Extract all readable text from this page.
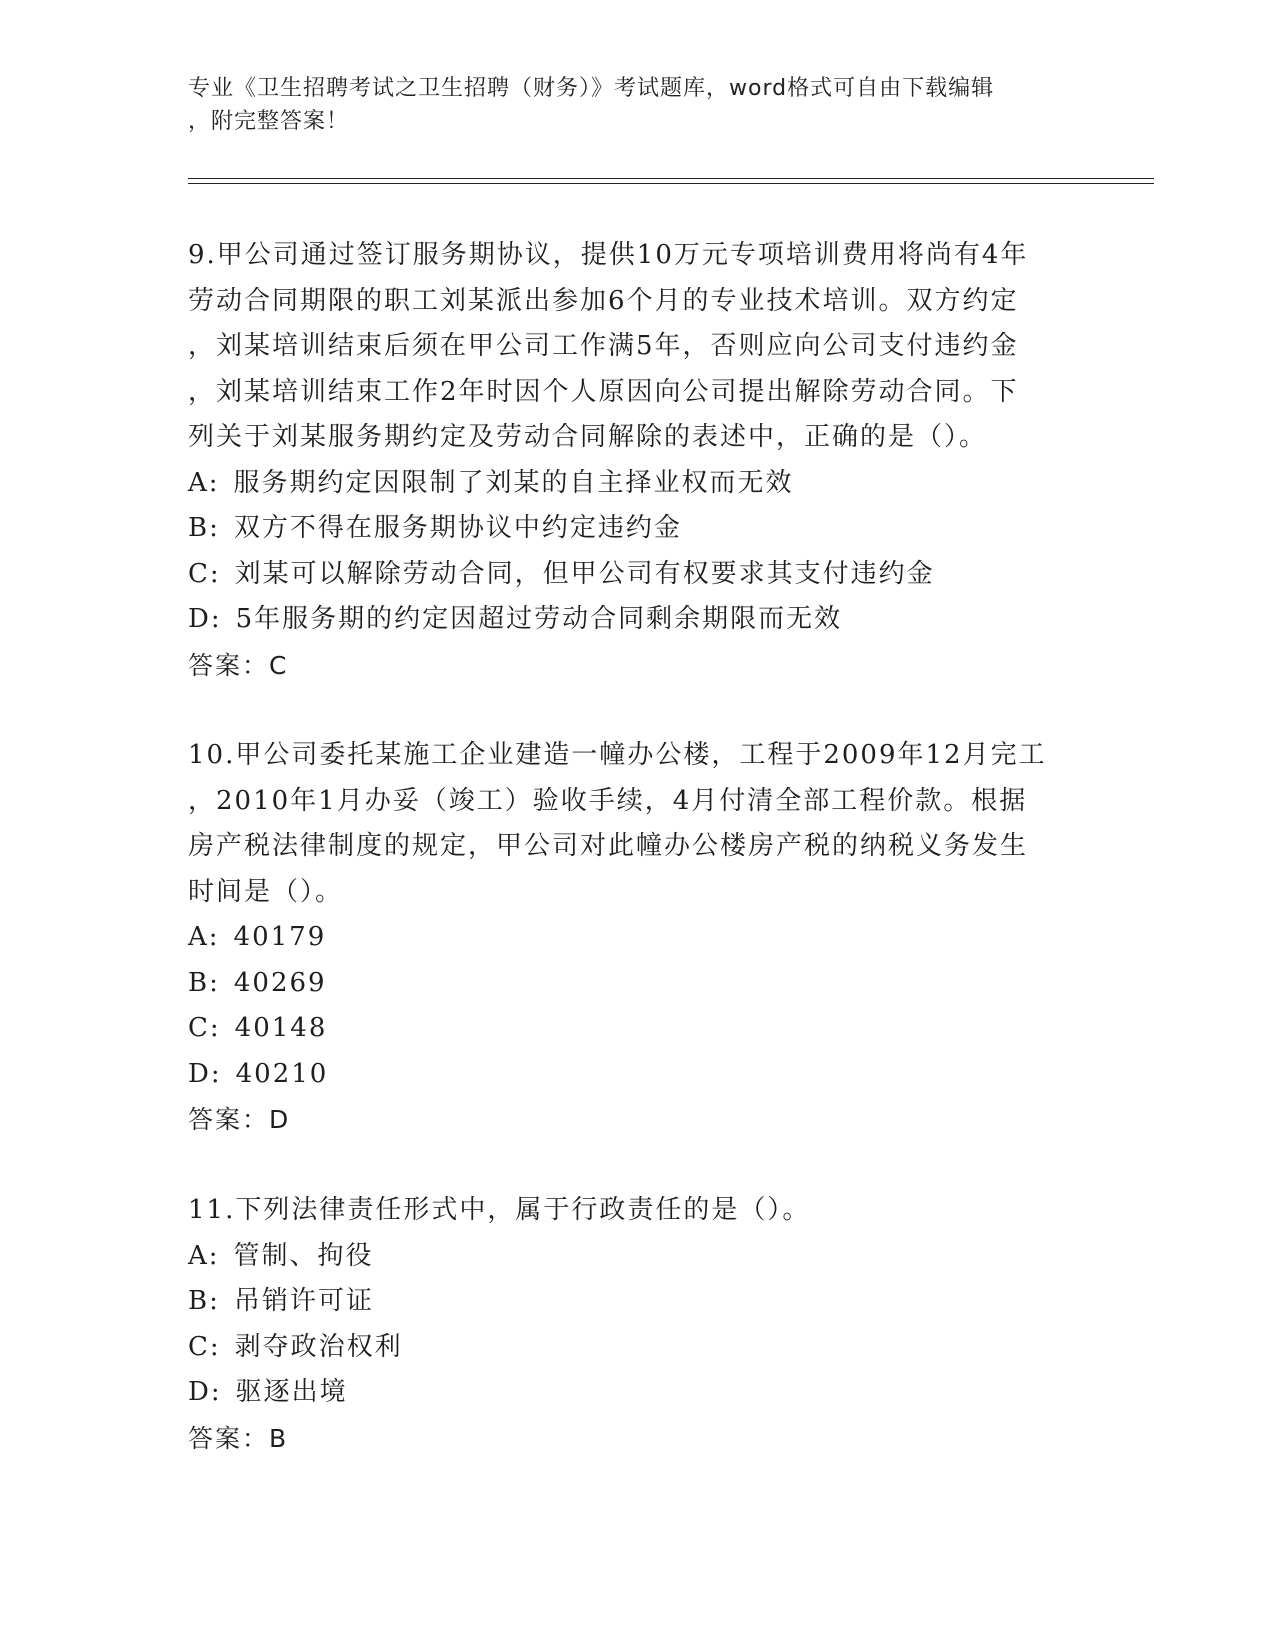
专业《卫生招聘考试之卫生招聘（财务）》考试题库，word格式可自由下载编辑
，附完整答案！

9.甲公司通过签订服务期协议，提供10万元专项培训费用将尚有4年

劳动合同期限的职工刘某派出参加6个月的专业技术培训。双方约定

，刘某培训结束后须在甲公司工作满5年，否则应向公司支付违约金

，刘某培训结束工作2年时因个人原因向公司提出解除劳动合同。下

列关于刘某服务期约定及劳动合同解除的表述中，正确的是（）。

A: 服务期约定因限制了刘某的自主择业权而无效

B: 双方不得在服务期协议中约定违约金

C: 刘某可以解除劳动合同，但甲公司有权要求其支付违约金

D: 5年服务期的约定因超过劳动合同剩余期限而无效

答案：C

10.甲公司委托某施工企业建造一幢办公楼，工程于2009年12月完工

，2010年1月办妥（竣工）验收手续，4月付清全部工程价款。根据

房产税法律制度的规定，甲公司对此幢办公楼房产税的纳税义务发生

时间是（）。

A: 40179

B: 40269

C: 40148

D: 40210

答案：D

11.下列法律责任形式中，属于行政责任的是（）。

A: 管制、拘役

B: 吊销许可证

C: 剥夺政治权利

D: 驱逐出境

答案：B
